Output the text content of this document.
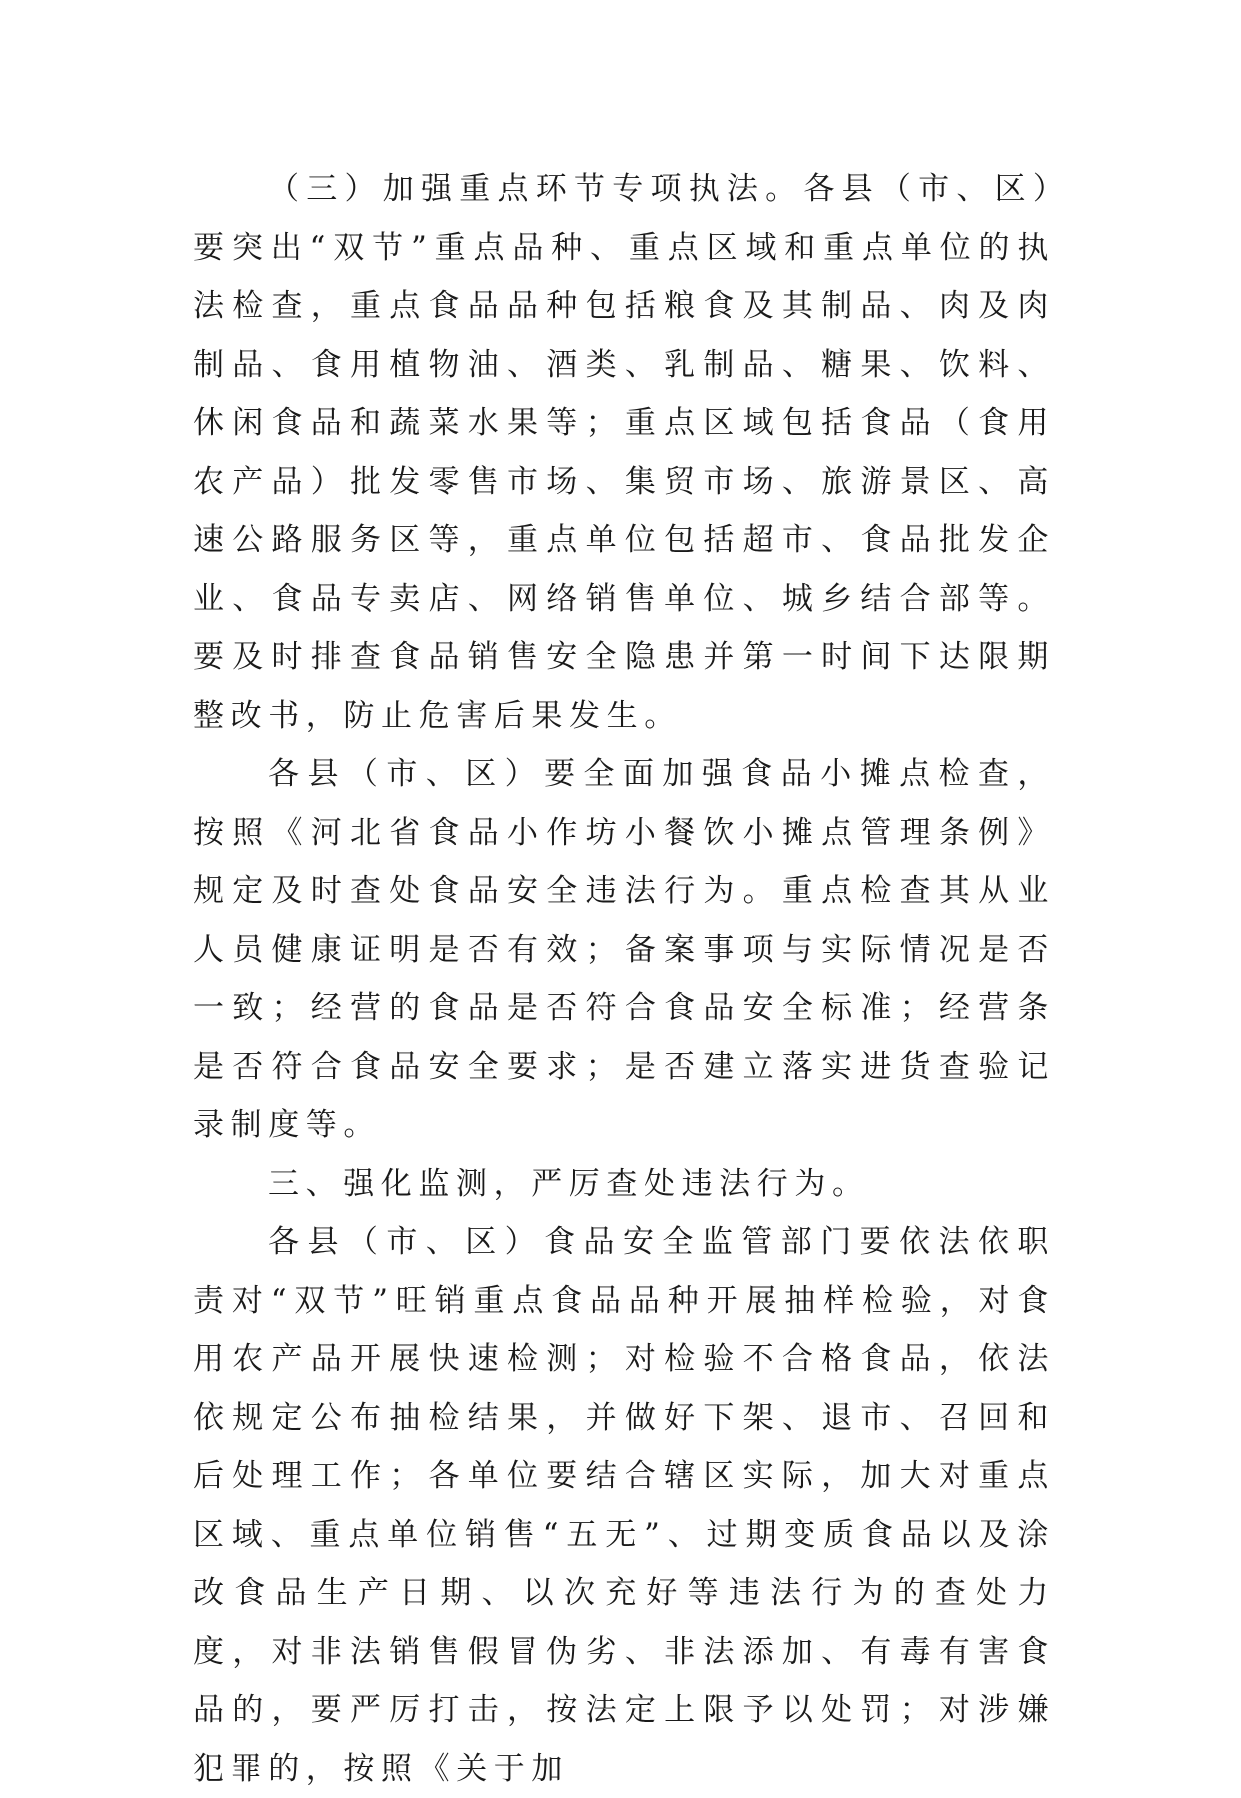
（三）加强重点环节专项执法。各县（市、区）要突出“双节”重点品种、重点区域和重点单位的执法检查，重点食品品种包括粮食及其制品、肉及肉制品、食用植物油、酒类、乳制品、糖果、饮料、休闲食品和蔬菜水果等；重点区域包括食品（食用农产品）批发零售市场、集贸市场、旅游景区、高速公路服务区等，重点单位包括超市、食品批发企业、食品专卖店、网络销售单位、城乡结合部等。要及时排查食品销售安全隐患并第一时间下达限期整改书，防止危害后果发生。

各县（市、区）要全面加强食品小摊点检查，按照《河北省食品小作坊小餐饮小摊点管理条例》规定及时查处食品安全违法行为。重点检查其从业人员健康证明是否有效；备案事项与实际情况是否一致；经营的食品是否符合食品安全标准；经营条是否符合食品安全要求；是否建立落实进货查验记录制度等。

三、强化监测，严厉查处违法行为。

各县（市、区）食品安全监管部门要依法依职责对“双节”旺销重点食品品种开展抽样检验，对食用农产品开展快速检测；对检验不合格食品，依法依规定公布抽检结果，并做好下架、退市、召回和后处理工作；各单位要结合辖区实际，加大对重点区域、重点单位销售“五无”、过期变质食品以及涂改食品生产日期、以次充好等违法行为的查处力度，对非法销售假冒伪劣、非法添加、有毒有害食品的，要严厉打击，按法定上限予以处罚；对涉嫌犯罪的，按照《关于加
